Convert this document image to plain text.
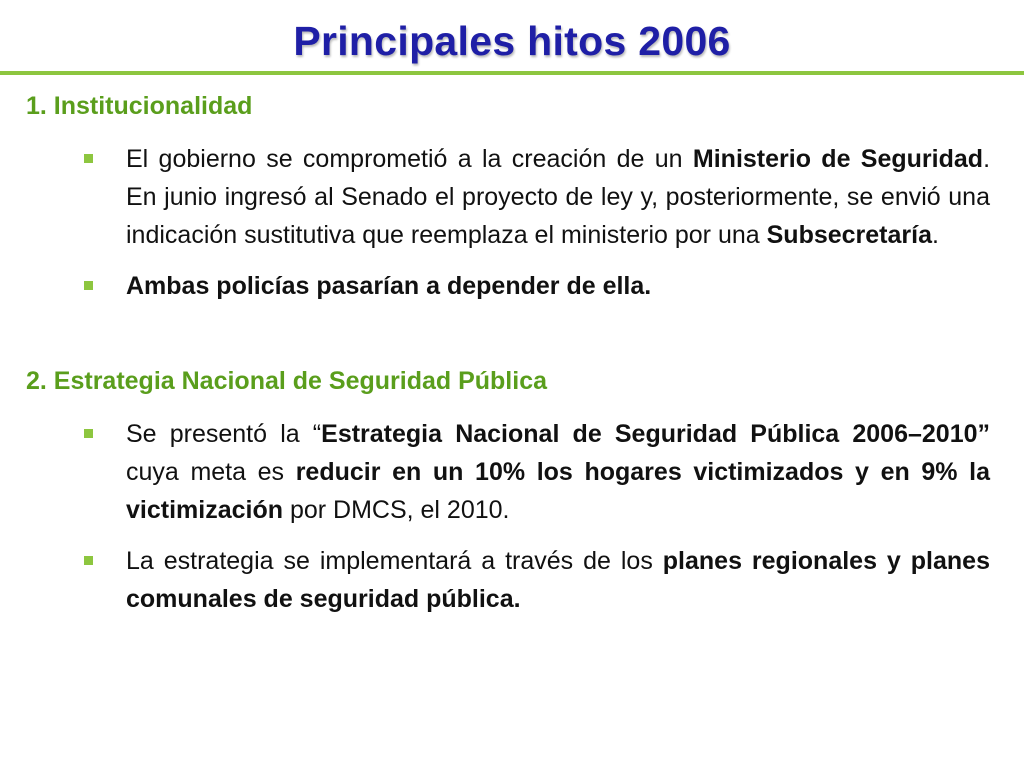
Principales hitos 2006
1. Institucionalidad
El gobierno se comprometió a la creación de un Ministerio de Seguridad. En junio ingresó al Senado el proyecto de ley y, posteriormente, se envió una indicación sustitutiva que reemplaza el ministerio por una Subsecretaría.
Ambas policías pasarían a depender de ella.
2. Estrategia Nacional de Seguridad Pública
Se presentó la “Estrategia Nacional de Seguridad Pública 2006–2010” cuya meta es reducir en un 10% los hogares victimizados y en 9% la victimización por DMCS, el 2010.
La estrategia se implementará a través de los planes regionales y planes comunales de seguridad pública.
